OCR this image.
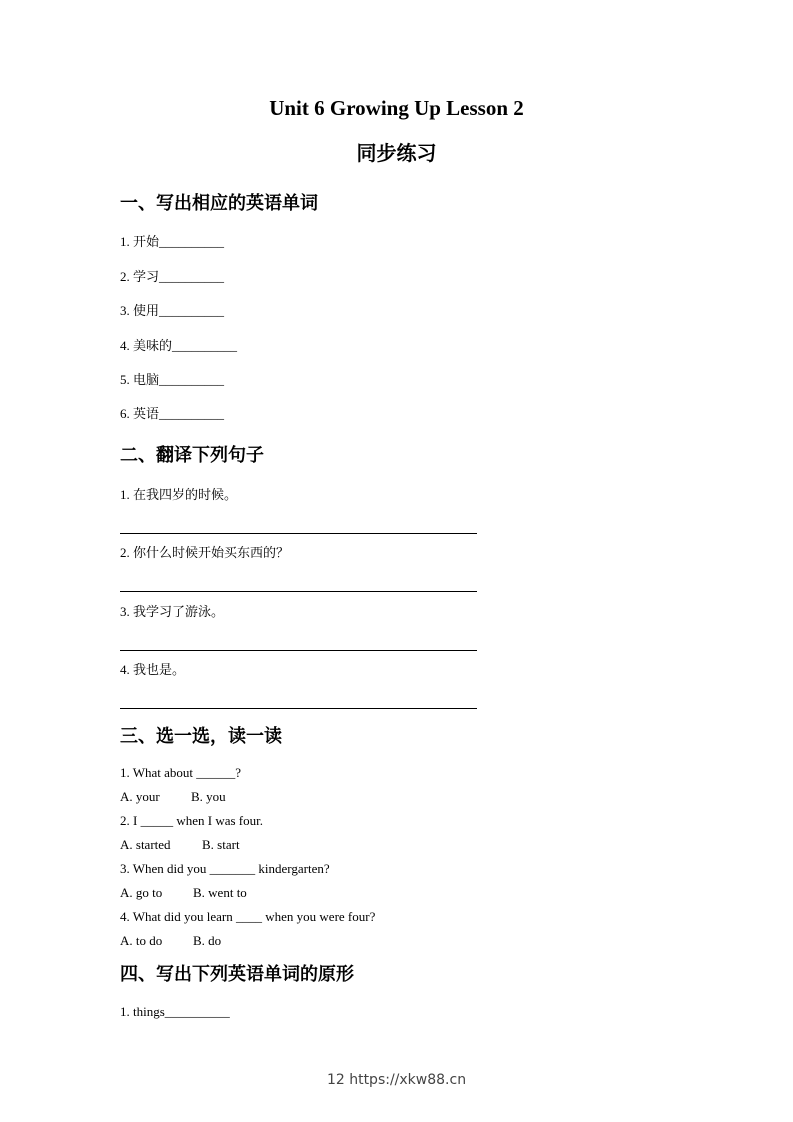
Unit 6 Growing Up Lesson 2
同步练习
一、写出相应的英语单词
1. 开始__________
2. 学习__________
3. 使用__________
4. 美味的__________
5. 电脑__________
6. 英语__________
二、翻译下列句子
1. 在我四岁的时候。
2. 你什么时候开始买东西的？
3. 我学习了游泳。
4. 我也是。
三、选一选，读一读
1. What about ______?
A. your B. you
2. I _____ when I was four.
A. started B. start
3. When did you _______ kindergarten?
A. go to B. went to
4. What did you learn ____ when you were four?
A. to do B. do
四、写出下列英语单词的原形
1. things__________
12 https://xkw88.cn
